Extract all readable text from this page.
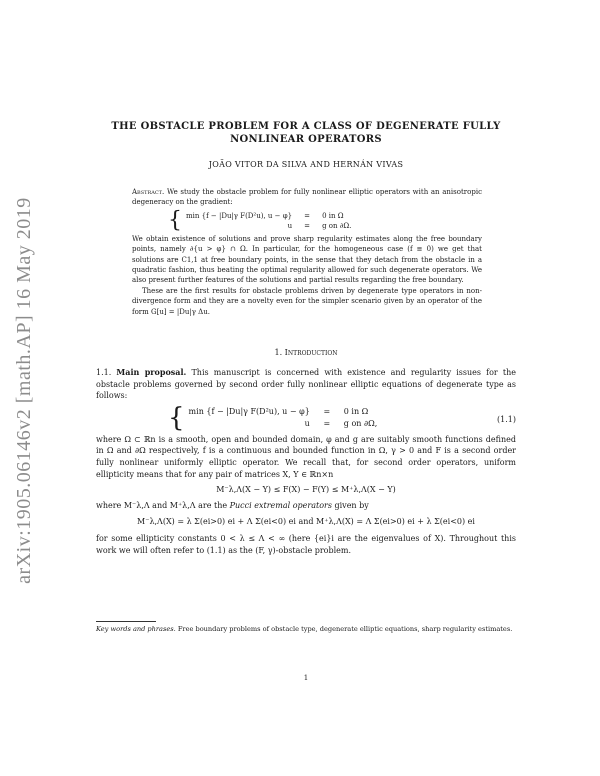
arXiv:1905.06146v2 [math.AP] 16 May 2019
THE OBSTACLE PROBLEM FOR A CLASS OF DEGENERATE FULLY
NONLINEAR OPERATORS
JOÃO VITOR DA SILVA AND HERNÁN VIVAS
Abstract. We study the obstacle problem for fully nonlinear elliptic operators with an anisotropic degeneracy on the gradient:
{ min {f − |Du|γ F(D²u), u − φ}	=	0 in Ω
u	=	g on ∂Ω.
We obtain existence of solutions and prove sharp regularity estimates along the free boundary points, namely ∂{u > φ} ∩ Ω. In particular, for the homogeneous case (f ≡ 0) we get that solutions are C1,1 at free boundary points, in the sense that they detach from the obstacle in a quadratic fashion, thus beating the optimal regularity allowed for such degenerate operators. We also present further features of the solutions and partial results regarding the free boundary.
These are the first results for obstacle problems driven by degenerate type operators in non-divergence form and they are a novelty even for the simpler scenario given by an operator of the form G[u] = |Du|γ Δu.
1. Introduction
1.1. Main proposal. This manuscript is concerned with existence and regularity issues for the obstacle problems governed by second order fully nonlinear elliptic equations of degenerate type as follows:
{ min {f − |Du|γ F(D²u), u − φ}	=	0 in Ω
u	=	g on ∂Ω,	(1.1)
where Ω ⊂ ℝn is a smooth, open and bounded domain, φ and g are suitably smooth functions defined in Ω and ∂Ω respectively, f is a continuous and bounded function in Ω, γ > 0 and F is a second order fully nonlinear uniformly elliptic operator. We recall that, for second order operators, uniform ellipticity means that for any pair of matrices X, Y ∈ ℝn×n
M⁻λ,Λ(X − Y) ≤ F(X) − F(Y) ≤ M⁺λ,Λ(X − Y)
where M⁻λ,Λ and M⁺λ,Λ are the Pucci extremal operators given by
M⁻λ,Λ(X) = λ Σ(ei>0) ei + Λ Σ(ei<0) ei and M⁺λ,Λ(X) = Λ Σ(ei>0) ei + λ Σ(ei<0) ei
for some ellipticity constants 0 < λ ≤ Λ < ∞ (here {ei}i are the eigenvalues of X). Throughout this work we will often refer to (1.1) as the (F, γ)-obstacle problem.
Key words and phrases. Free boundary problems of obstacle type, degenerate elliptic equations, sharp regularity estimates.
1
